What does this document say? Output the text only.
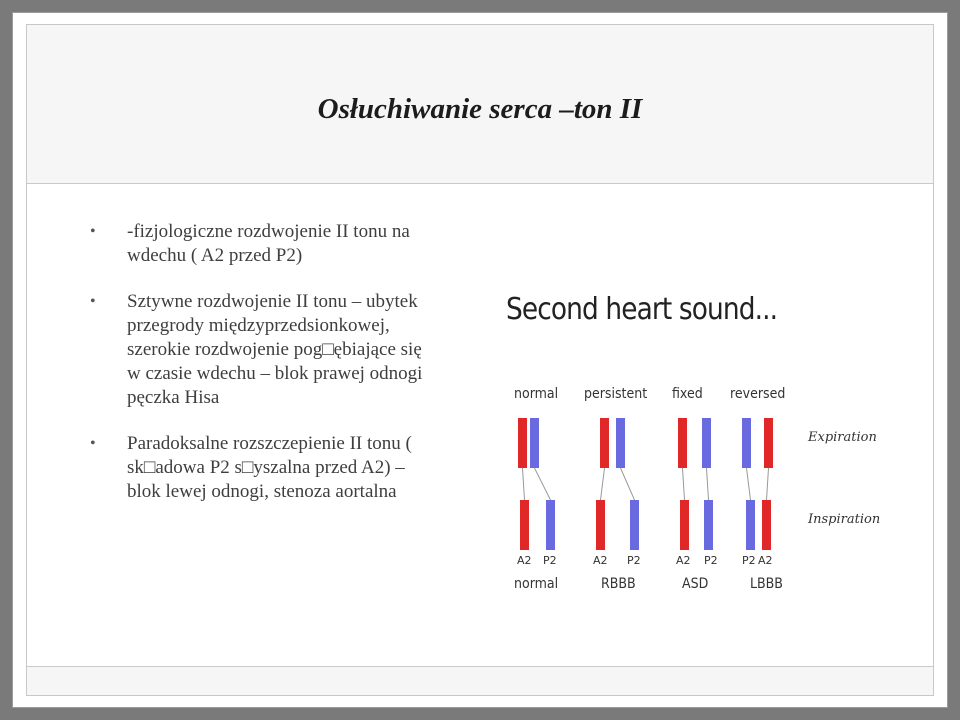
Osłuchiwanie serca –ton II
• -fizjologiczne rozdwojenie II tonu na wdechu ( A2 przed P2)
• Sztywne rozdwojenie II tonu – ubytek przegrody międzyprzedsionkowej, szerokie rozdwojenie pog□ębiające się w czasie wdechu – blok prawej odnogi pęczka Hisa
• Paradoksalne rozszczepienie II tonu ( sk□adowa P2 s□yszalna przed A2) – blok lewej odnogi, stenoza aortalna
Second heart sound...
normal persistent fixed reversed
Expiration
Inspiration
A2 P2	A2 P2	A2 P2 P2 A2
normal	RBBB	ASD	LBBB
